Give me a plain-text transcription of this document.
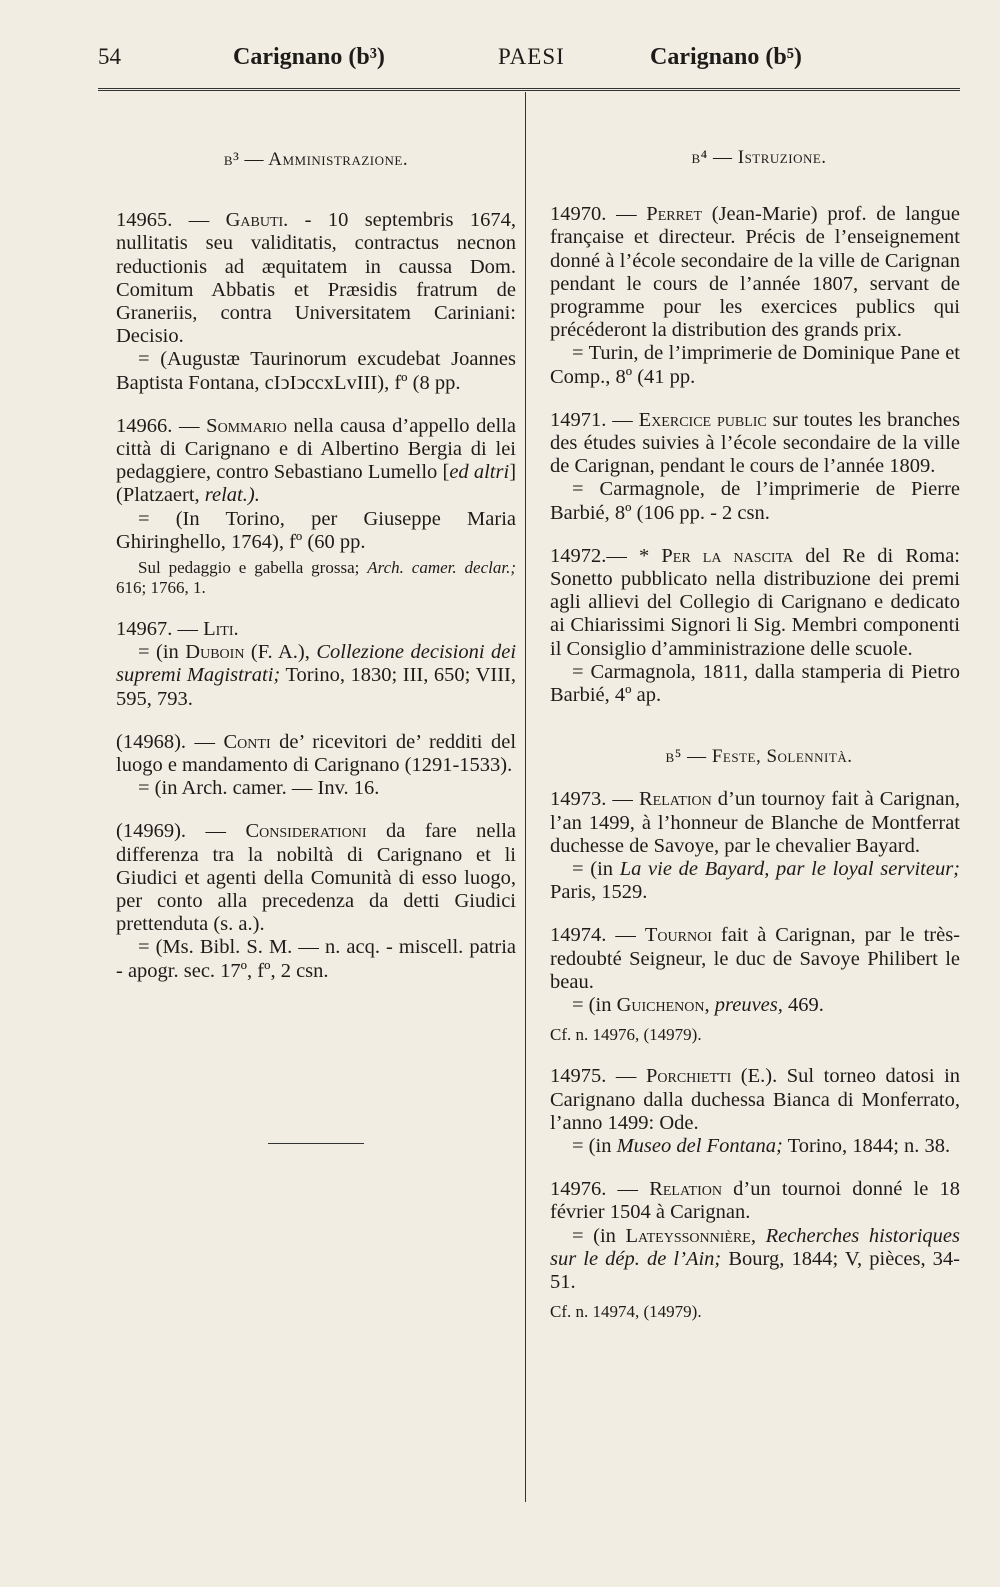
54	Carignano (b³)	PAESI	Carignano (b⁵)

b³ — Amministrazione.

14965. — Gabuti. - 10 septembris 1674, nullitatis seu validitatis, contractus necnon reductionis ad æquitatem in caussa Dom. Comitum Abbatis et Præsidis fratrum de Graneriis, contra Universitatem Cariniani: Decisio.

= (Augustæ Taurinorum excudebat Joannes Baptista Fontana, cIↄIↄccxLvIII), fº (8 pp.

14966. — Sommario nella causa d’appello della città di Carignano e di Albertino Bergia di lei pedaggiere, contro Sebastiano Lumello [ed altri] (Platzaert, relat.).

= (In Torino, per Giuseppe Maria Ghiringhello, 1764), fº (60 pp.

Sul pedaggio e gabella grossa; Arch. camer. declar.; 616; 1766, 1.

14967. — Liti.

= (in Duboin (F. A.), Collezione decisioni dei supremi Magistrati; Torino, 1830; III, 650; VIII, 595, 793.

(14968). — Conti de’ ricevitori de’ redditi del luogo e mandamento di Carignano (1291-1533).

= (in Arch. camer. — Inv. 16.

(14969). — Considerationi da fare nella differenza tra la nobiltà di Carignano et li Giudici et agenti della Comunità di esso luogo, per conto alla precedenza da detti Giudici prettenduta (s. a.).

= (Ms. Bibl. S. M. — n. acq. - miscell. patria - apogr. sec. 17º, fº, 2 csn.

b⁴ — Istruzione.

14970. — Perret (Jean-Marie) prof. de langue française et directeur. Précis de l’enseignement donné à l’école secondaire de la ville de Carignan pendant le cours de l’année 1807, servant de programme pour les exercices publics qui précéderont la distribution des grands prix.

= Turin, de l’imprimerie de Dominique Pane et Comp., 8º (41 pp.

14971. — Exercice public sur toutes les branches des études suivies à l’école secondaire de la ville de Carignan, pendant le cours de l’année 1809.

= Carmagnole, de l’imprimerie de Pierre Barbié, 8º (106 pp. - 2 csn.

14972.— * Per la nascita del Re di Roma: Sonetto pubblicato nella distribuzione dei premi agli allievi del Collegio di Carignano e dedicato ai Chiarissimi Signori li Sig. Membri componenti il Consiglio d’amministrazione delle scuole.

= Carmagnola, 1811, dalla stamperia di Pietro Barbié, 4º ap.

b⁵ — Feste, Solennità.

14973. — Relation d’un tournoy fait à Carignan, l’an 1499, à l’honneur de Blanche de Montferrat duchesse de Savoye, par le chevalier Bayard.

= (in La vie de Bayard, par le loyal serviteur; Paris, 1529.

14974. — Tournoi fait à Carignan, par le très-redoubté Seigneur, le duc de Savoye Philibert le beau.

= (in Guichenon, preuves, 469.

Cf. n. 14976, (14979).

14975. — Porchietti (E.). Sul torneo datosi in Carignano dalla duchessa Bianca di Monferrato, l’anno 1499: Ode.

= (in Museo del Fontana; Torino, 1844; n. 38.

14976. — Relation d’un tournoi donné le 18 février 1504 à Carignan.

= (in Lateyssonnière, Recherches historiques sur le dép. de l’Ain; Bourg, 1844; V, pièces, 34-51.

Cf. n. 14974, (14979).
